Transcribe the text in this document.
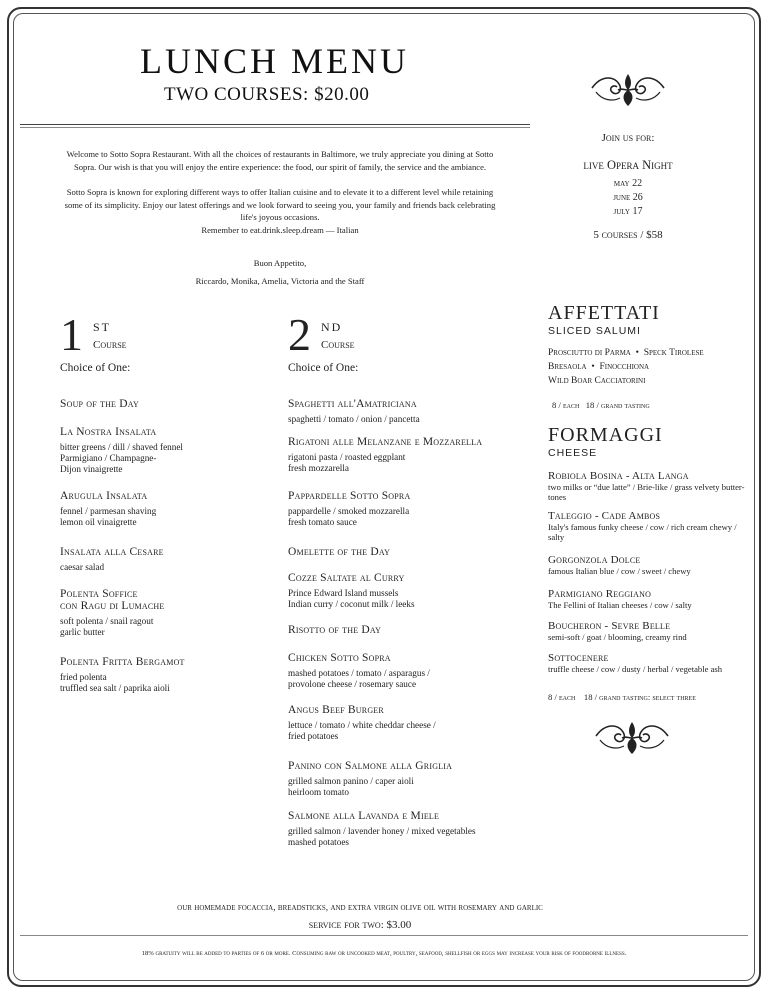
LUNCH MENU
TWO COURSES: $20.00

Welcome to Sotto Sopra Restaurant. With all the choices of restaurants in Baltimore, we truly appreciate you dining at Sotto Sopra. Our wish is that you will enjoy the entire experience: the food, our spirit of family, the service and the ambiance.

Sotto Sopra is known for exploring different ways to offer Italian cuisine and to elevate it to a different level while retaining some of its simplicity. Enjoy our latest offerings and we look forward to seeing you, your family and friends back celebrating life's joyous occasions.
Remember to eat.drink.sleep.dream — Italian

Buon Appetito,
Riccardo, Monika, Amelia, Victoria and the Staff
Join us for:
live Opera Night
may 22
june 26
july 17
5 courses / $58
1 ST
Course
Choice of One:
Soup of the Day
La Nostra Insalata
bitter greens / dill / shaved fennel
Parmigiano / Champagne-
Dijon vinaigrette
Arugula Insalata
fennel / parmesan shaving
lemon oil vinaigrette
Insalata alla Cesare
caesar salad
Polenta Soffice
con Ragu di Lumache
soft polenta / snail ragout
garlic butter
Polenta Fritta Bergamot
fried polenta
truffled sea salt / paprika aioli
2 ND
Course
Choice of One:
Spaghetti all'Amatriciana
spaghetti / tomato / onion / pancetta
Rigatoni alle Melanzane e Mozzarella
rigatoni pasta / roasted eggplant
fresh mozzarella
Pappardelle Sotto Sopra
pappardelle / smoked mozzarella
fresh tomato sauce
Omelette of the Day
Cozze Saltate al Curry
Prince Edward Island mussels
Indian curry / coconut milk / leeks
Risotto of the Day
Chicken Sotto Sopra
mashed potatoes / tomato / asparagus /
provolone cheese / rosemary sauce
Angus Beef Burger
lettuce / tomato / white cheddar cheese /
fried potatoes
Panino con Salmone alla Griglia
grilled salmon panino / caper aioli
heirloom tomato
Salmone alla Lavanda e Miele
grilled salmon / lavender honey / mixed vegetables
mashed potatoes
AFFETTATI
SLICED SALUMI
Prosciutto di Parma  •  Speck Tirolese
Bresaola  •  Finocchiona
Wild Boar Cacciatorini
8 / each   18 / grand tasting
FORMAGGI
CHEESE
Robiola Bosina - Alta Langa
two milks or “due latte” / Brie-like / grass velvety butter-tones
Taleggio - Cade Ambos
Italy's famous funky cheese / cow / rich cream chewy / salty
Gorgonzola Dolce
famous Italian blue / cow / sweet / chewy
Parmigiano Reggiano
The Fellini of Italian cheeses / cow / salty
Boucheron - Sevre Belle
semi-soft / goat / blooming, creamy rind
Sottocenere
truffle cheese / cow / dusty / herbal / vegetable ash
8 / each    18 / grand tasting: select three
our homemade focaccia, breadsticks, and extra virgin olive oil with rosemary and garlic
service for two: $3.00
18% gratuity will be added to parties of 6 or more. Consuming raw or uncooked meat, poultry, seafood, shellfish or eggs may increase your risk of foodborne illness.
